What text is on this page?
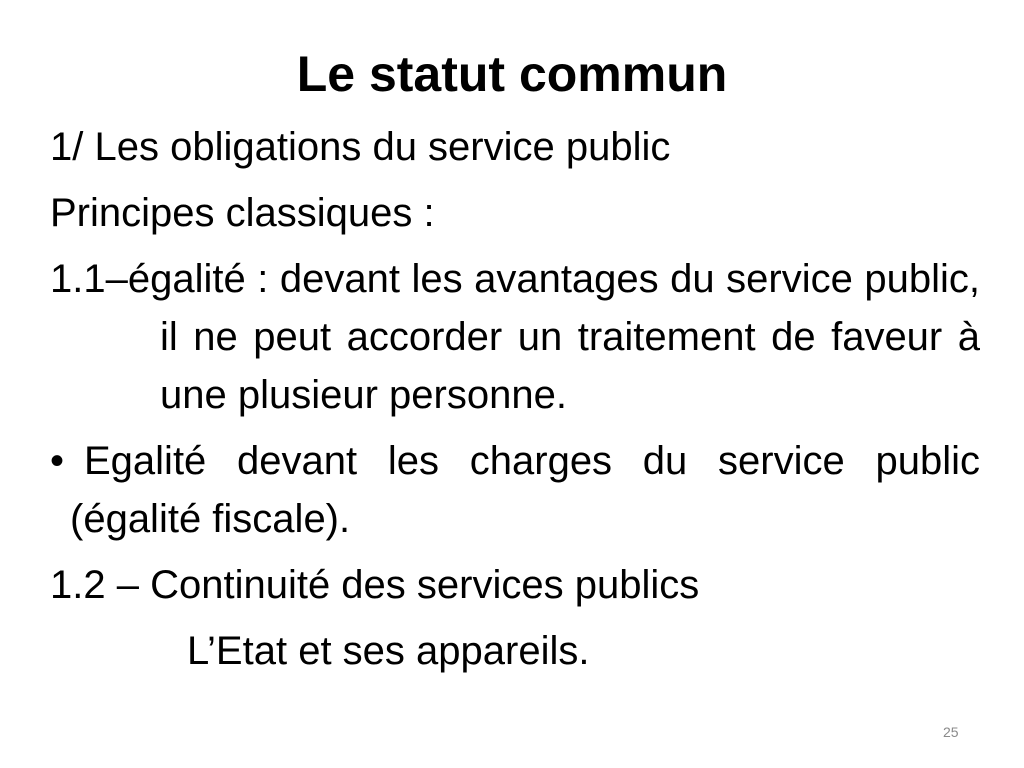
Le statut commun

1/ Les obligations du service public

Principes classiques :

1.1–égalité : devant les avantages du service public, il ne peut accorder un traitement de faveur à une plusieur personne.

• Egalité devant les charges du service public (égalité fiscale).

1.2 – Continuité des services publics

L’Etat et ses appareils.

25
